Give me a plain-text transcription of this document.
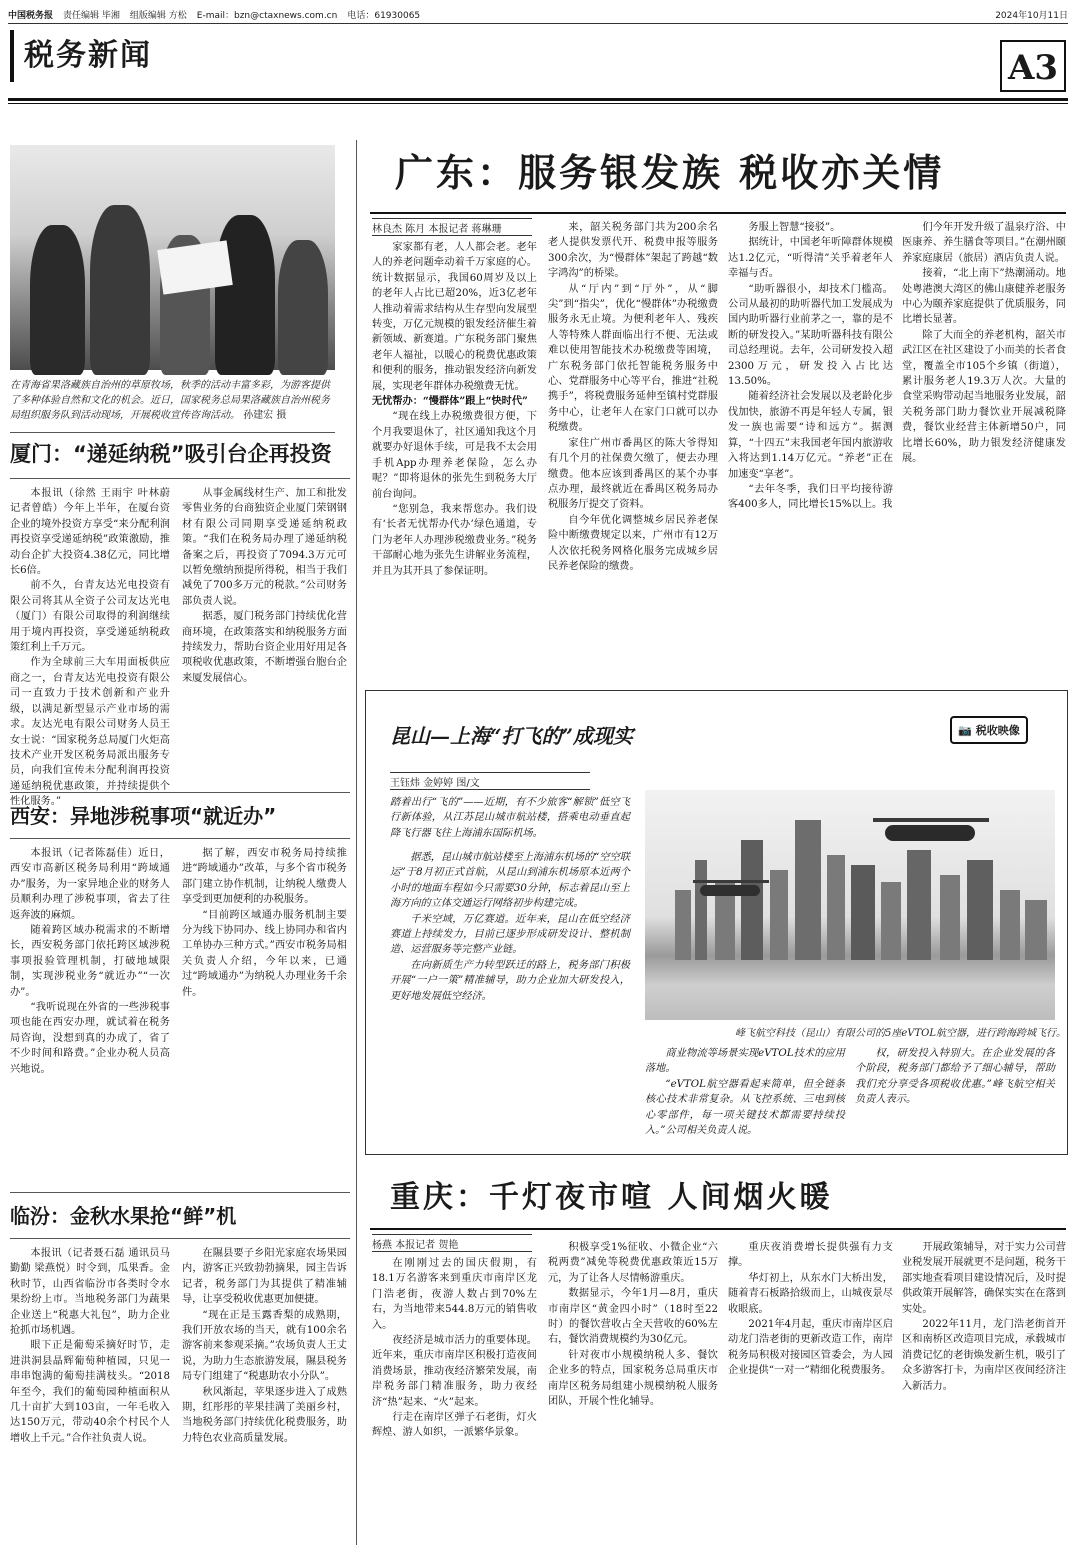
中国税务报 责任编辑 毕湘 组版编辑 方松 E-mail：bzn@ctaxnews.com.cn 电话：61930065	2024年10月11日
税务新闻	A3
在青海省果洛藏族自治州的草原牧场，秋季的活动丰富多彩，为游客提供了多种体验自然和文化的机会。近日，国家税务总局果洛藏族自治州税务局组织服务队到活动现场，开展税收宣传咨询活动。 孙建宏 摄
厦门：“递延纳税”吸引台企再投资

本报讯（徐然 王雨宇 叶林蔚 记者曾皓）今年上半年，在厦台资企业的境外投资方享受“来分配利润再投资享受递延纳税”政策激励，推动台企扩大投资4.38亿元，同比增长6倍。

前不久，台青友达光电投资有限公司将其从全资子公司友达光电（厦门）有限公司取得的利润继续用于境内再投资，享受递延纳税政策红利上千万元。

作为全球前三大车用面板供应商之一，台青友达光电投资有限公司一直致力于技术创新和产业升级，以满足新型显示产业市场的需求。友达光电有限公司财务人员王女士说：“国家税务总局厦门火炬高技术产业开发区税务局派出服务专员，向我们宣传未分配利润再投资递延纳税优惠政策，并持续提供个性化服务。”

从事金属线材生产、加工和批发零售业务的台商独资企业厦门荣钢钢材有限公司同期享受递延纳税政策。“我们在税务局办理了递延纳税备案之后，再投资了7094.3万元可以暂免缴纳预提所得税，相当于我们减免了700多万元的税款。”公司财务部负责人说。

据悉，厦门税务部门持续优化营商环境，在政策落实和纳税服务方面持续发力，帮助台资企业用好用足各项税收优惠政策，不断增强台胞台企来厦发展信心。

西安：异地涉税事项“就近办”

本报讯（记者陈磊佳）近日，西安市高新区税务局利用“跨域通办”服务，为一家异地企业的财务人员顺利办理了涉税事项，省去了往返奔波的麻烦。

随着跨区域办税需求的不断增长，西安税务部门依托跨区域涉税事项报验管理机制，打破地域限制，实现涉税业务“就近办”“一次办”。

“我听说现在外省的一些涉税事项也能在西安办理，就试着在税务局咨询，没想到真的办成了，省了不少时间和路费。”企业办税人员高兴地说。

据了解，西安市税务局持续推进“跨域通办”改革，与多个省市税务部门建立协作机制，让纳税人缴费人享受到更加便利的办税服务。

“目前跨区域通办服务机制主要分为线下协同办、线上协同办和省内工单协办三种方式。”西安市税务局相关负责人介绍，今年以来，已通过“跨域通办”为纳税人办理业务千余件。

临汾：金秋水果抢“鲜”机

本报讯（记者聂石磊 通讯员马勤勤 梁燕悦）时令到，瓜果香。金秋时节，山西省临汾市各类时令水果纷纷上市。当地税务部门为蔬果企业送上“税惠大礼包”，助力企业抢抓市场机遇。

眼下正是葡萄采摘好时节，走进洪洞县晶辉葡萄种植园，只见一串串饱满的葡萄挂满枝头。“2018年至今，我们的葡萄园种植面积从几十亩扩大到103亩，一年毛收入达150万元，带动40余个村民个人增收上千元。”合作社负责人说。

在隰县要子乡阳光家庭农场果园内，游客正兴致勃勃摘果，园主告诉记者，税务部门为其提供了精准辅导，让享受税收优惠更加便捷。

“现在正是玉露香梨的成熟期，我们开放农场的当天，就有100余名游客前来参观采摘。”农场负责人王丈说，为助力生态旅游发展，隰县税务局专门组建了“税惠助农小分队”。

秋风渐起，苹果逐步进入了成熟期，红彤彤的苹果挂满了美丽乡村，当地税务部门持续优化税费服务，助力特色农业高质量发展。

广东：服务银发族 税收亦关情
林良杰 陈月 本报记者 蒋琳珊

家家都有老，人人都会老。老年人的养老问题牵动着千万家庭的心。统计数据显示，我国60周岁及以上的老年人占比已超20%，近3亿老年人推动着需求结构从生存型向发展型转变，万亿元规模的银发经济催生着新领域、新赛道。广东税务部门聚焦老年人福祉，以暖心的税费优惠政策和便利的服务，推动银发经济向新发展，实现老年群体办税缴费无忧。

无忧帮办：“慢群体”跟上“快时代”

“现在线上办税缴费很方便，下个月我要退休了，社区通知我这个月就要办好退休手续，可是我不太会用手机App办理养老保险，怎么办呢？”即将退休的张先生到税务大厅前台询问。

“您别急，我来帮您办。我们设有‘长者无忧帮办代办’绿色通道，专门为老年人办理涉税缴费业务。”税务干部耐心地为张先生讲解业务流程，并且为其开具了参保证明。

来，韶关税务部门共为200余名老人提供发票代开、税费申报等服务300余次，为“慢群体”架起了跨越“数字鸿沟”的桥梁。

从“厅内”到“厅外”，从“脚尖”到“指尖”，优化“慢群体”办税缴费服务永无止境。为便利老年人、残疾人等特殊人群面临出行不便、无法或难以使用智能技术办税缴费等困境，广东税务部门依托智能税务服务中心、党群服务中心等平台，推进“社税携手”，将税费服务延伸至镇村党群服务中心，让老年人在家门口就可以办税缴费。

家住广州市番禺区的陈大爷得知有几个月的社保费欠缴了，便去办理缴费。他本应该到番禺区的某个办事点办理，最终就近在番禺区税务局办税服务厅提交了资料。

自今年优化调整城乡居民养老保险中断缴费规定以来，广州市有12万人次依托税务网格化服务完成城乡居民养老保险的缴费。

务服上智慧“接驳”。

据统计，中国老年听障群体规模达1.2亿元，“听得清”关乎着老年人幸福与否。

“助听器很小，却技术门槛高。公司从最初的助听器代加工发展成为国内助听器行业前茅之一，靠的是不断的研发投入。”某助听器科技有限公司总经理说。去年，公司研发投入超2300万元，研发投入占比达13.50%。

随着经济社会发展以及老龄化步伐加快，旅游不再是年轻人专属，银发一族也需要“诗和远方”。据测算，“十四五”末我国老年国内旅游收入将达到1.14万亿元。“养老”正在加速变“享老”。

“去年冬季，我们日平均接待游客400多人，同比增长15%以上。我

们今年开发升级了温泉疗浴、中医康养、养生膳食等项目。”在潮州颐养家庭康居（旅居）酒店负责人说。

接着，“北上南下”热潮涌动。地处粤港澳大湾区的佛山康健养老服务中心为颐养家庭提供了优质服务，同比增长显著。

除了大而全的养老机构，韶关市武江区在社区建设了小而美的长者食堂，覆盖全市105个乡镇（街道），累计服务老人19.3万人次。大量的食堂采购带动起当地服务业发展，韶关税务部门助力餐饮业开展减税降费，餐饮业经营主体新增50户，同比增长60%，助力银发经济健康发展。

昆山—上海“打飞的”成现实	📷 税收映像
王钰炜 金婷婷 图/文
踏着出行“飞的”——近期，有不少旅客“解锁”低空飞行新体验，从江苏昆山城市航站楼，搭乘电动垂直起降飞行器飞往上海浦东国际机场。

据悉，昆山城市航站楼至上海浦东机场的“空空联运”于8月初正式首航，从昆山到浦东机场原本近两个小时的地面车程如今只需要30分钟，标志着昆山至上海方向的立体交通运行网络初步构建完成。

千米空域，万亿赛道。近年来，昆山在低空经济赛道上持续发力，目前已逐步形成研发设计、整机制造、运营服务等完整产业链。

在向新质生产力转型跃迁的路上，税务部门积极开展“一户一策”精准辅导，助力企业加大研发投入，更好地发展低空经济。

峰飞航空科技（昆山）有限公司的5座eVTOL航空器，进行跨海跨城飞行。

商业物流等场景实现eVTOL技术的应用落地。

“eVTOL航空器看起来简单，但全链条核心技术非常复杂。从飞控系统、三电到核心零部件，每一项关键技术都需要持续投入。”公司相关负责人说。

权，研发投入特别大。在企业发展的各个阶段，税务部门都给予了细心辅导，帮助我们充分享受各项税收优惠。”峰飞航空相关负责人表示。

重庆：千灯夜市喧 人间烟火暖
杨燕 本报记者 贺艳

在刚刚过去的国庆假期，有18.1万名游客来到重庆市南岸区龙门浩老街，夜游人数占到70%左右，为当地带来544.8万元的销售收入。

夜经济是城市活力的重要体现。近年来，重庆市南岸区积极打造夜间消费场景，推动夜经济繁荣发展，南岸税务部门精准服务，助力夜经济“热”起来、“火”起来。

行走在南岸区弹子石老街，灯火辉煌、游人如织，一派繁华景象。

积极享受1%征收、小微企业“六税两费”减免等税费优惠政策近15万元，为了让各人尽情畅游重庆。

数据显示，今年1月—8月，重庆市南岸区“黄金四小时”（18时至22时）的餐饮营收占全天营收的60%左右，餐饮消费规模约为30亿元。

针对夜市小规模纳税人多、餐饮企业多的特点，国家税务总局重庆市南岸区税务局组建小规模纳税人服务团队，开展个性化辅导。

重庆夜消费增长提供强有力支撑。

华灯初上，从东水门大桥出发，随着青石板路拾级而上，山城夜景尽收眼底。

2021年4月起，重庆市南岸区启动龙门浩老街的更新改造工作，南岸税务局积极对接园区管委会，为人园企业提供“一对一”精细化税费服务。

开展政策辅导，对于实力公司营业税发展开展就更不是问题，税务干部实地查看项目建设情况后，及时提供政策开展解答，确保实实在在落到实处。

2022年11月，龙门浩老街首开区和南桥区改造项目完成，承载城市消费记忆的老街焕发新生机，吸引了众多游客打卡，为南岸区夜间经济注入新活力。
